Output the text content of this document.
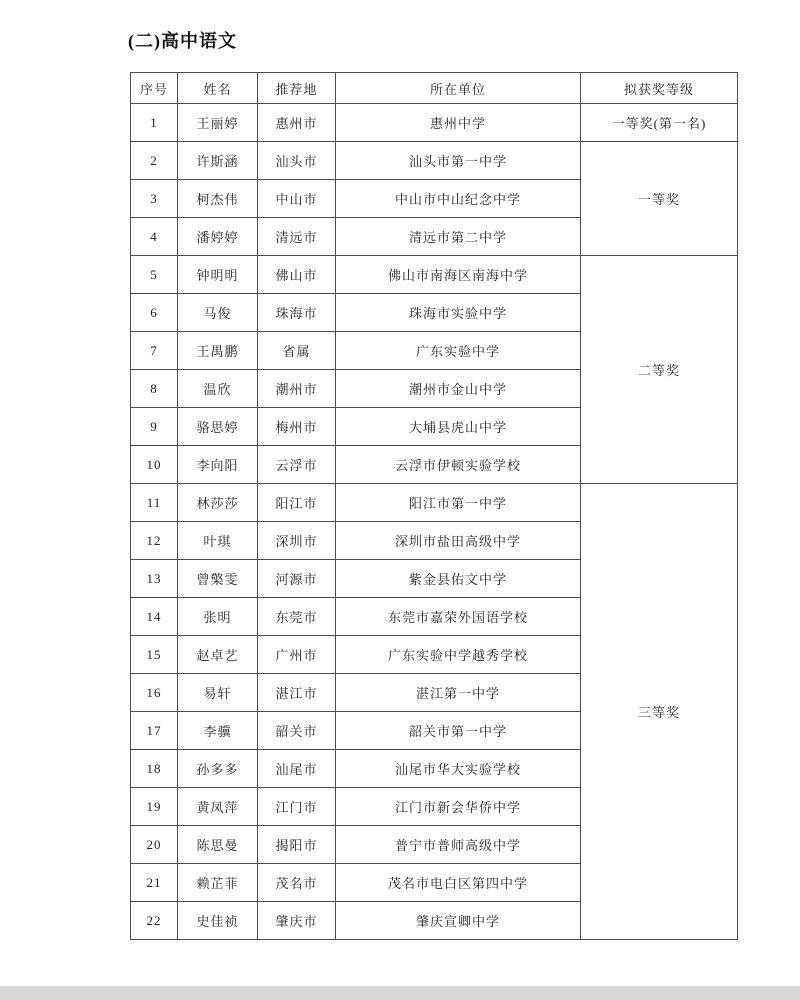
(二)高中语文
序号	姓名	推荐地	所在单位	拟获奖等级
1	王丽婷	惠州市	惠州中学	一等奖(第一名)
2	许斯涵	汕头市	汕头市第一中学	一等奖
3	柯杰伟	中山市	中山市中山纪念中学	
4	潘婷婷	清远市	清远市第二中学	
5	钟明明	佛山市	佛山市南海区南海中学	二等奖
6	马俊	珠海市	珠海市实验中学	
7	王禺鹏	省属	广东实验中学	
8	温欣	潮州市	潮州市金山中学	
9	骆思婷	梅州市	大埔县虎山中学	
10	李向阳	云浮市	云浮市伊顿实验学校	
11	林莎莎	阳江市	阳江市第一中学	三等奖
12	叶琪	深圳市	深圳市盐田高级中学	
13	曾檠雯	河源市	紫金县佑文中学	
14	张明	东莞市	东莞市嘉荣外国语学校	
15	赵卓艺	广州市	广东实验中学越秀学校	
16	易轩	湛江市	湛江第一中学	
17	李骥	韶关市	韶关市第一中学	
18	孙多多	汕尾市	汕尾市华大实验学校	
19	黄凤萍	江门市	江门市新会华侨中学	
20	陈思曼	揭阳市	普宁市普师高级中学	
21	赖芷菲	茂名市	茂名市电白区第四中学	
22	史佳祯	肇庆市	肇庆宣卿中学	
